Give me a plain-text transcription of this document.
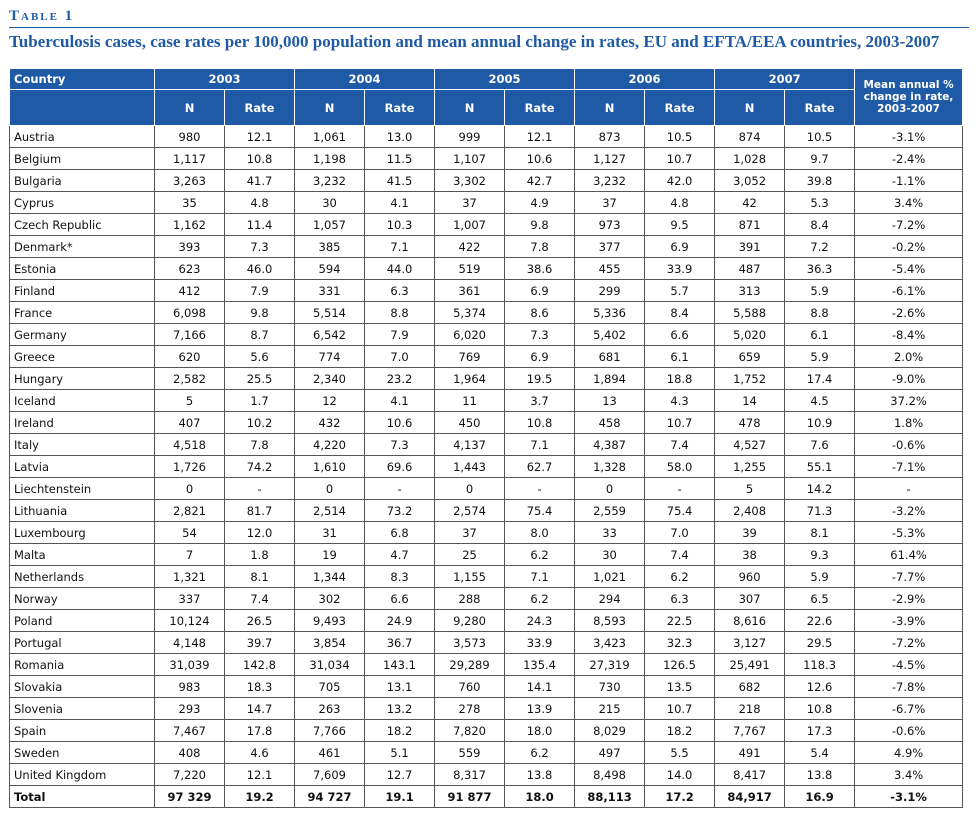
Table 1
Tuberculosis cases, case rates per 100,000 population and mean annual change in rates, EU and EFTA/EEA countries, 2003-2007
Country	2003		2004		2005		2006		2007		Mean annual % change in rate, 2003-2007
	N	Rate	N	Rate	N	Rate	N	Rate	N	Rate	
Austria	980	12.1	1,061	13.0	999	12.1	873	10.5	874	10.5	-3.1%
Belgium	1,117	10.8	1,198	11.5	1,107	10.6	1,127	10.7	1,028	9.7	-2.4%
Bulgaria	3,263	41.7	3,232	41.5	3,302	42.7	3,232	42.0	3,052	39.8	-1.1%
Cyprus	35	4.8	30	4.1	37	4.9	37	4.8	42	5.3	3.4%
Czech Republic	1,162	11.4	1,057	10.3	1,007	9.8	973	9.5	871	8.4	-7.2%
Denmark*	393	7.3	385	7.1	422	7.8	377	6.9	391	7.2	-0.2%
Estonia	623	46.0	594	44.0	519	38.6	455	33.9	487	36.3	-5.4%
Finland	412	7.9	331	6.3	361	6.9	299	5.7	313	5.9	-6.1%
France	6,098	9.8	5,514	8.8	5,374	8.6	5,336	8.4	5,588	8.8	-2.6%
Germany	7,166	8.7	6,542	7.9	6,020	7.3	5,402	6.6	5,020	6.1	-8.4%
Greece	620	5.6	774	7.0	769	6.9	681	6.1	659	5.9	2.0%
Hungary	2,582	25.5	2,340	23.2	1,964	19.5	1,894	18.8	1,752	17.4	-9.0%
Iceland	5	1.7	12	4.1	11	3.7	13	4.3	14	4.5	37.2%
Ireland	407	10.2	432	10.6	450	10.8	458	10.7	478	10.9	1.8%
Italy	4,518	7.8	4,220	7.3	4,137	7.1	4,387	7.4	4,527	7.6	-0.6%
Latvia	1,726	74.2	1,610	69.6	1,443	62.7	1,328	58.0	1,255	55.1	-7.1%
Liechtenstein	0	-	0	-	0	-	0	-	5	14.2	-
Lithuania	2,821	81.7	2,514	73.2	2,574	75.4	2,559	75.4	2,408	71.3	-3.2%
Luxembourg	54	12.0	31	6.8	37	8.0	33	7.0	39	8.1	-5.3%
Malta	7	1.8	19	4.7	25	6.2	30	7.4	38	9.3	61.4%
Netherlands	1,321	8.1	1,344	8.3	1,155	7.1	1,021	6.2	960	5.9	-7.7%
Norway	337	7.4	302	6.6	288	6.2	294	6.3	307	6.5	-2.9%
Poland	10,124	26.5	9,493	24.9	9,280	24.3	8,593	22.5	8,616	22.6	-3.9%
Portugal	4,148	39.7	3,854	36.7	3,573	33.9	3,423	32.3	3,127	29.5	-7.2%
Romania	31,039	142.8	31,034	143.1	29,289	135.4	27,319	126.5	25,491	118.3	-4.5%
Slovakia	983	18.3	705	13.1	760	14.1	730	13.5	682	12.6	-7.8%
Slovenia	293	14.7	263	13.2	278	13.9	215	10.7	218	10.8	-6.7%
Spain	7,467	17.8	7,766	18.2	7,820	18.0	8,029	18.2	7,767	17.3	-0.6%
Sweden	408	4.6	461	5.1	559	6.2	497	5.5	491	5.4	4.9%
United Kingdom	7,220	12.1	7,609	12.7	8,317	13.8	8,498	14.0	8,417	13.8	3.4%
Total	97 329	19.2	94 727	19.1	91 877	18.0	88,113	17.2	84,917	16.9	-3.1%
